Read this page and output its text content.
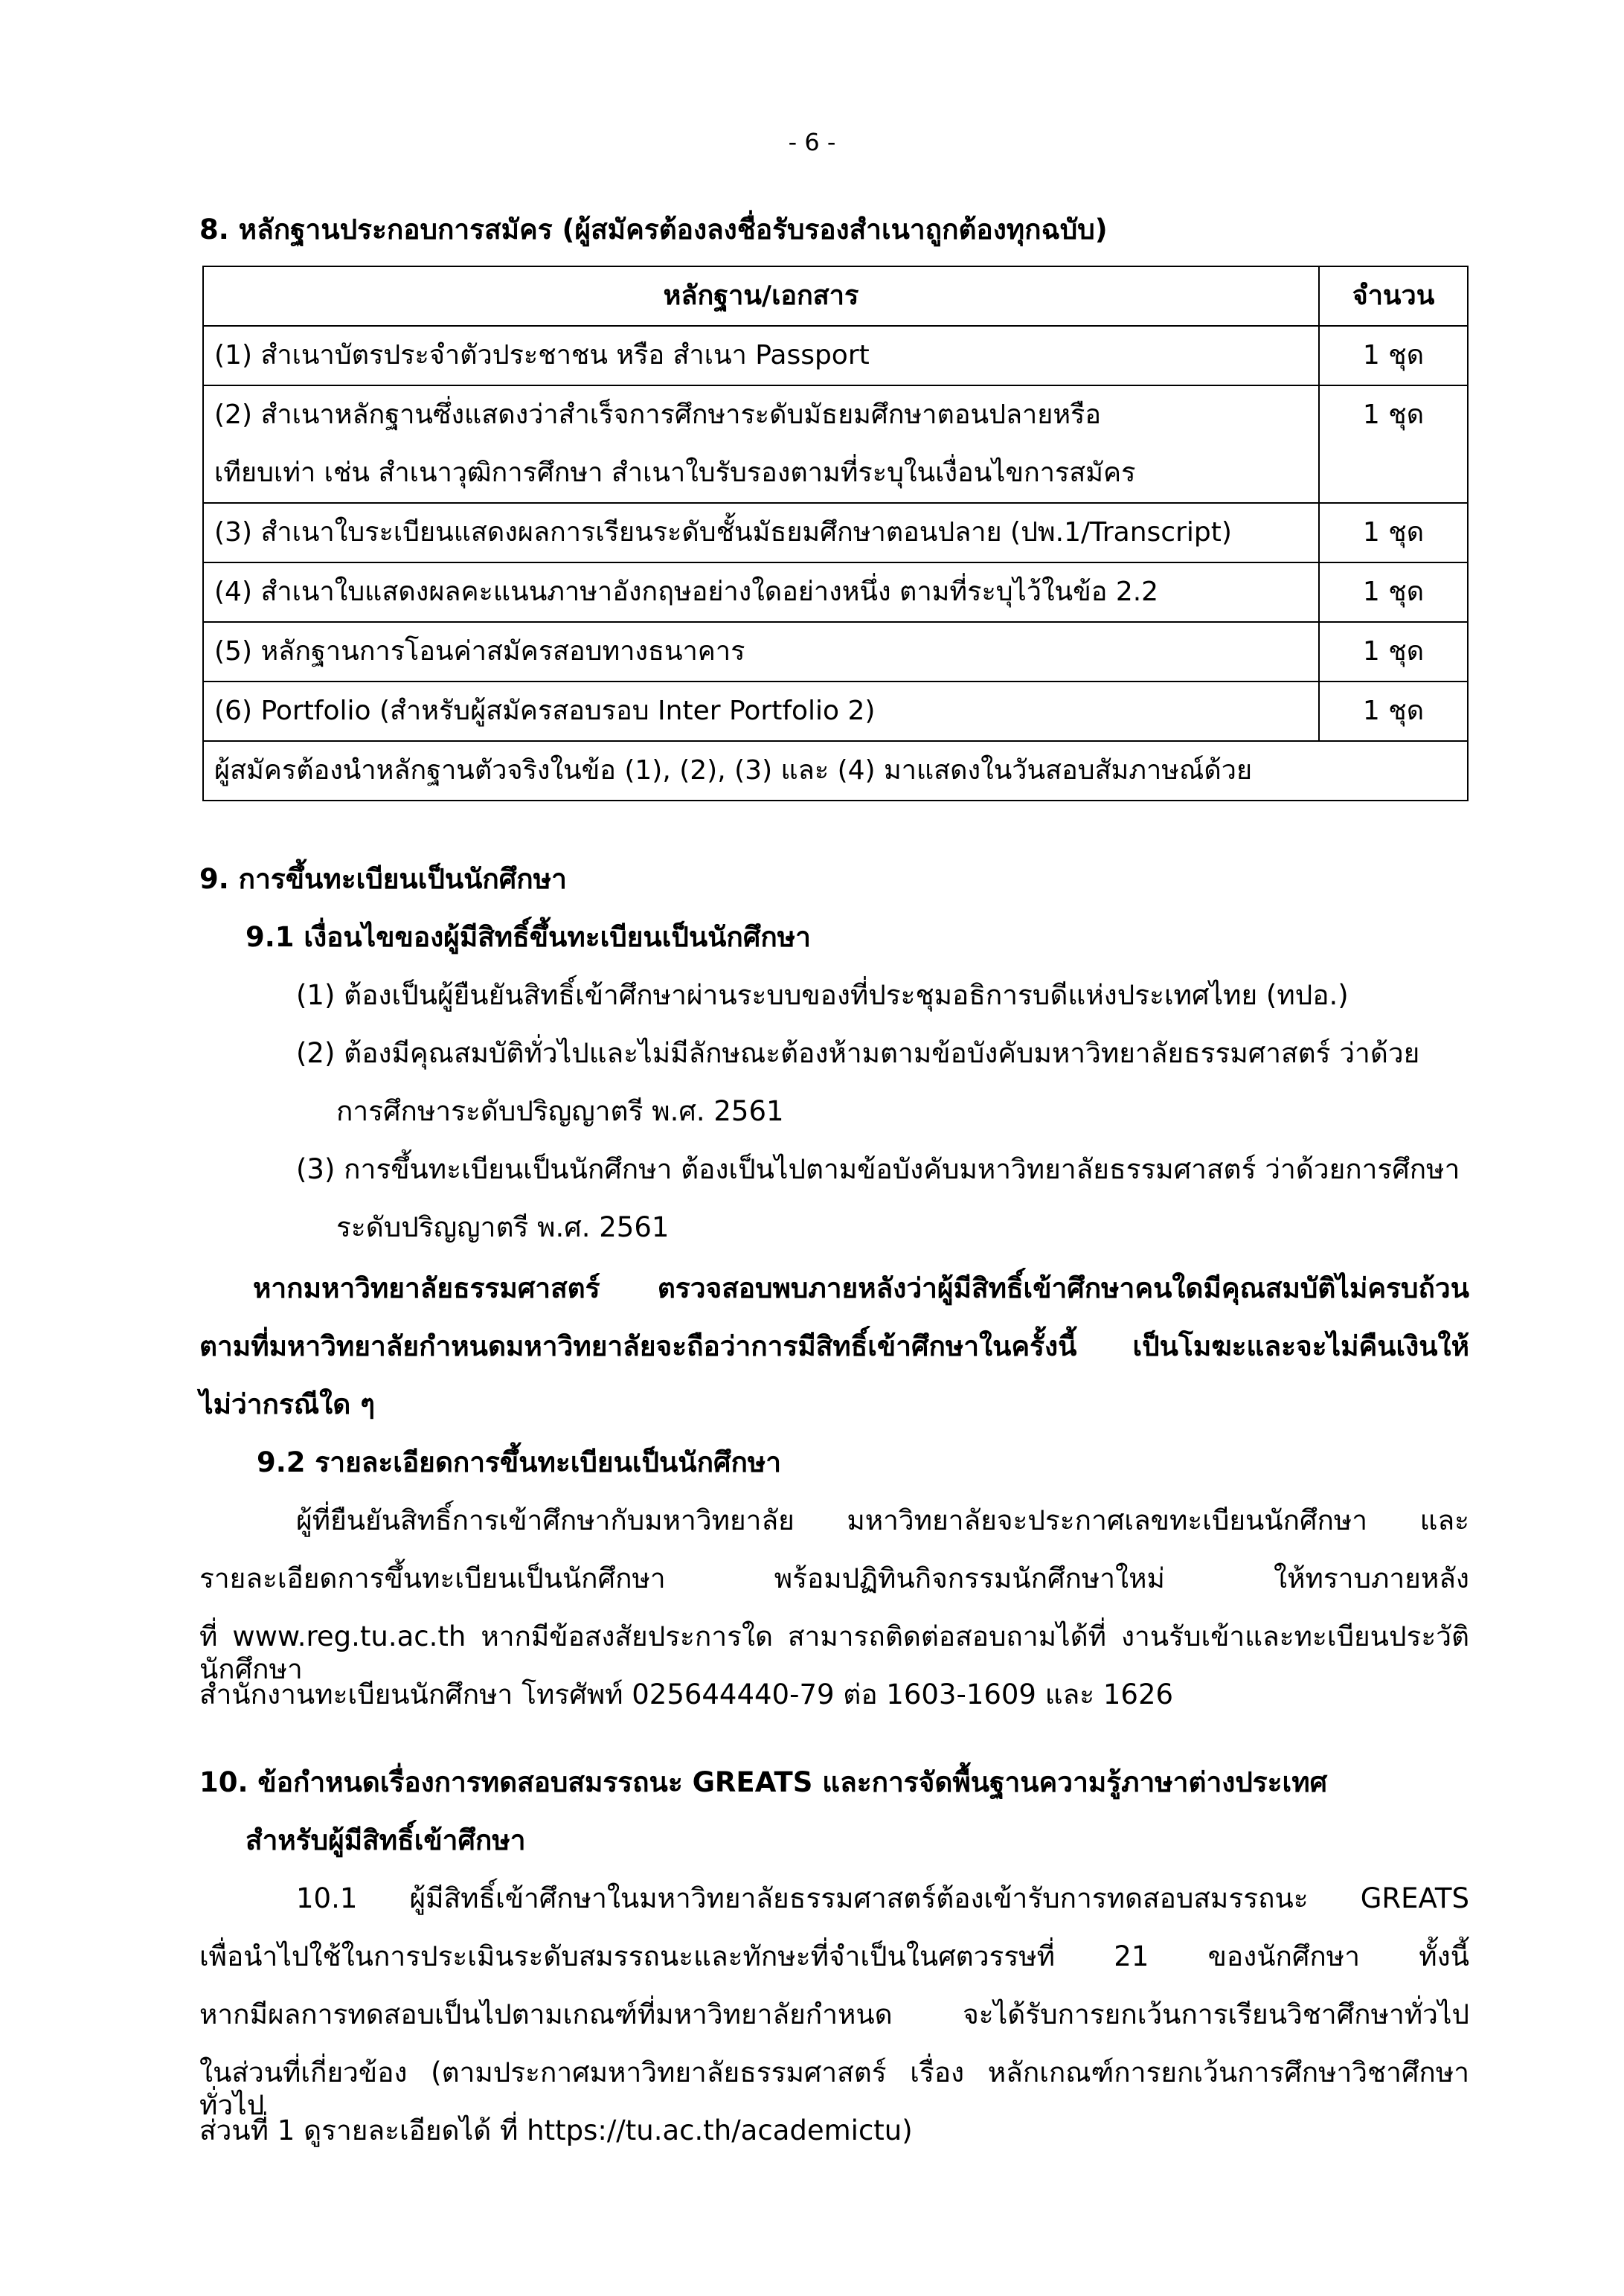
- 6 -
8. หลักฐานประกอบการสมัคร (ผู้สมัครต้องลงชื่อรับรองสำเนาถูกต้องทุกฉบับ)
หลักฐาน/เอกสาร	จำนวน
(1) สำเนาบัตรประจำตัวประชาชน หรือ สำเนา Passport	1 ชุด

(2) สำเนาหลักฐานซึ่งแสดงว่าสำเร็จการศึกษาระดับมัธยมศึกษาตอนปลายหรือ
เทียบเท่า เช่น สำเนาวุฒิการศึกษา สำเนาใบรับรองตามที่ระบุในเงื่อนไขการสมัคร	1 ชุด
(3) สำเนาใบระเบียนแสดงผลการเรียนระดับชั้นมัธยมศึกษาตอนปลาย (ปพ.1/Transcript)	1 ชุด
(4) สำเนาใบแสดงผลคะแนนภาษาอังกฤษอย่างใดอย่างหนึ่ง ตามที่ระบุไว้ในข้อ 2.2	1 ชุด
(5) หลักฐานการโอนค่าสมัครสอบทางธนาคาร	1 ชุด
(6) Portfolio (สำหรับผู้สมัครสอบรอบ Inter Portfolio 2)	1 ชุด
ผู้สมัครต้องนำหลักฐานตัวจริงในข้อ (1), (2), (3) และ (4) มาแสดงในวันสอบสัมภาษณ์ด้วย	
9. การขึ้นทะเบียนเป็นนักศึกษา
9.1 เงื่อนไขของผู้มีสิทธิ์ขึ้นทะเบียนเป็นนักศึกษา
(1) ต้องเป็นผู้ยืนยันสิทธิ์เข้าศึกษาผ่านระบบของที่ประชุมอธิการบดีแห่งประเทศไทย (ทปอ.)
(2) ต้องมีคุณสมบัติทั่วไปและไม่มีลักษณะต้องห้ามตามข้อบังคับมหาวิทยาลัยธรรมศาสตร์ ว่าด้วย
การศึกษาระดับปริญญาตรี พ.ศ. 2561
(3) การขึ้นทะเบียนเป็นนักศึกษา ต้องเป็นไปตามข้อบังคับมหาวิทยาลัยธรรมศาสตร์ ว่าด้วยการศึกษา
ระดับปริญญาตรี พ.ศ. 2561
หากมหาวิทยาลัยธรรมศาสตร์ ตรวจสอบพบภายหลังว่าผู้มีสิทธิ์เข้าศึกษาคนใดมีคุณสมบัติไม่ครบถ้วน
ตามที่มหาวิทยาลัยกำหนดมหาวิทยาลัยจะถือว่าการมีสิทธิ์เข้าศึกษาในครั้งนี้ เป็นโมฆะและจะไม่คืนเงินให้
ไม่ว่ากรณีใด ๆ
9.2 รายละเอียดการขึ้นทะเบียนเป็นนักศึกษา
ผู้ที่ยืนยันสิทธิ์การเข้าศึกษากับมหาวิทยาลัย มหาวิทยาลัยจะประกาศเลขทะเบียนนักศึกษา และ
รายละเอียดการขึ้นทะเบียนเป็นนักศึกษา พร้อมปฏิทินกิจกรรมนักศึกษาใหม่ ให้ทราบภายหลัง
ที่ www.reg.tu.ac.th หากมีข้อสงสัยประการใด สามารถติดต่อสอบถามได้ที่ งานรับเข้าและทะเบียนประวัตินักศึกษา
สำนักงานทะเบียนนักศึกษา โทรศัพท์ 025644440-79 ต่อ 1603-1609 และ 1626
10. ข้อกำหนดเรื่องการทดสอบสมรรถนะ GREATS และการจัดพื้นฐานความรู้ภาษาต่างประเทศ
สำหรับผู้มีสิทธิ์เข้าศึกษา
10.1 ผู้มีสิทธิ์เข้าศึกษาในมหาวิทยาลัยธรรมศาสตร์ต้องเข้ารับการทดสอบสมรรถนะ GREATS
เพื่อนำไปใช้ในการประเมินระดับสมรรถนะและทักษะที่จำเป็นในศตวรรษที่ 21 ของนักศึกษา ทั้งนี้
หากมีผลการทดสอบเป็นไปตามเกณฑ์ที่มหาวิทยาลัยกำหนด จะได้รับการยกเว้นการเรียนวิชาศึกษาทั่วไป
ในส่วนที่เกี่ยวข้อง (ตามประกาศมหาวิทยาลัยธรรมศาสตร์ เรื่อง หลักเกณฑ์การยกเว้นการศึกษาวิชาศึกษาทั่วไป
ส่วนที่ 1 ดูรายละเอียดได้ ที่ https://tu.ac.th/academictu)
